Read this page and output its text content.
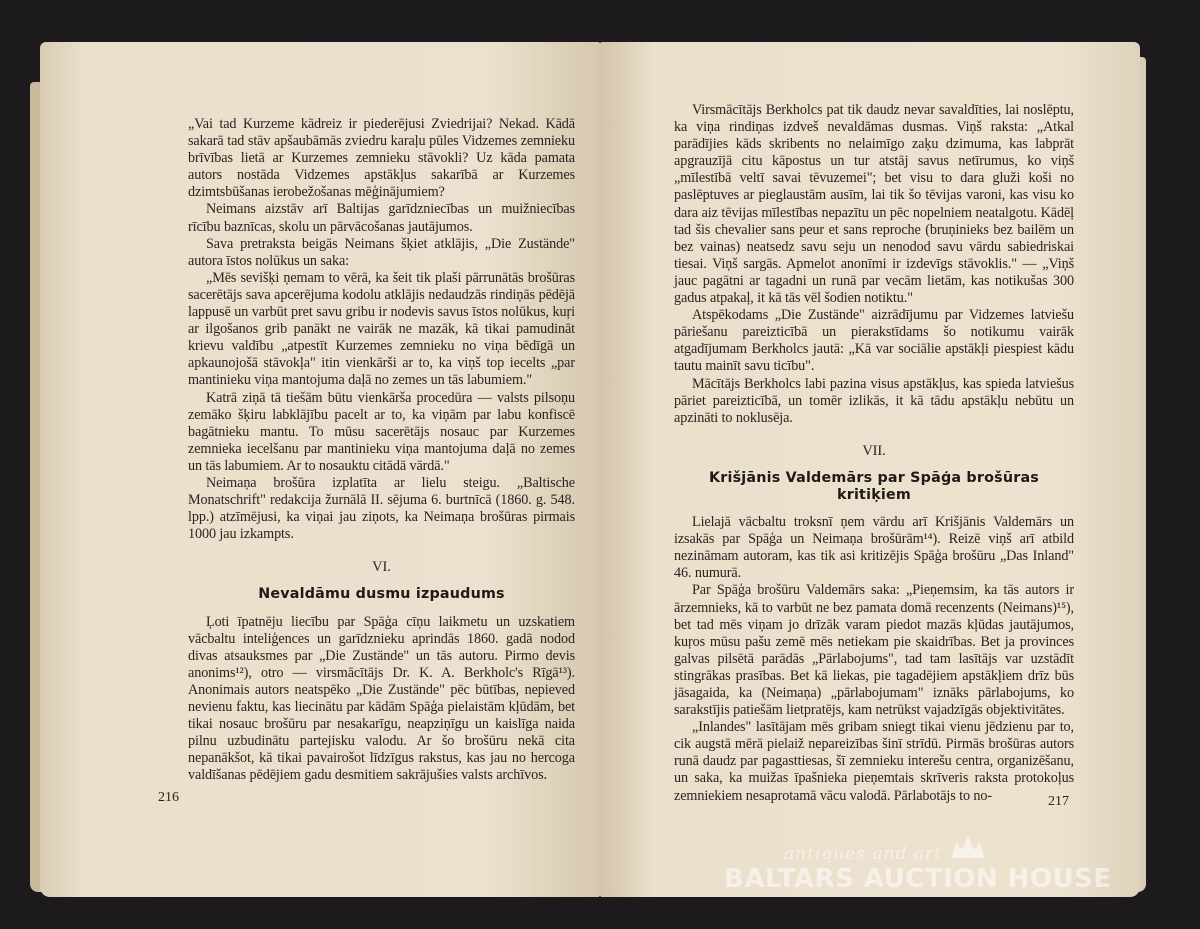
„Vai tad Kurzeme kādreiz ir piederējusi Zviedrijai? Nekad. Kādā sakarā tad stāv apšaubāmās zviedru karaļu pūles Vidzemes zemnieku brīvības lietā ar Kurzemes zemnieku stāvokli? Uz kāda pamata autors nostāda Vidzemes apstākļus sakarībā ar Kurzemes dzimtsbūšanas ierobežošanas mēģinājumiem?

Neimans aizstāv arī Baltijas garīdzniecības un muižniecības rīcību baznīcas, skolu un pārvācošanas jautājumos.

Sava pretraksta beigās Neimans šķiet atklājis, „Die Zustände" autora īstos nolūkus un saka:

„Mēs sevišķi ņemam to vērā, ka šeit tik plaši pārrunātās brošūras sacerētājs sava apcerējuma kodolu atklājis nedaudzās rindiņās pēdējā lappusē un varbūt pret savu gribu ir nodevis savus īstos nolūkus, kuŗi ar ilgošanos grib panākt ne vairāk ne mazāk, kā tikai pamudināt krievu valdību „atpestīt Kurzemes zemnieku no viņa bēdīgā un apkaunojošā stāvokļa" itin vienkārši ar to, ka viņš top iecelts „par mantinieku viņa mantojuma daļā no zemes un tās labumiem."

Katrā ziņā tā tiešām būtu vienkārša procedūra — valsts pilsoņu zemāko šķiru labklājību pacelt ar to, ka viņām par labu konfiscē bagātnieku mantu. To mūsu sacerētājs nosauc par Kurzemes zemnieka iecelšanu par mantinieku viņa mantojuma daļā no zemes un tās labumiem. Ar to nosauktu citādā vārdā."

Neimaņa brošūra izplatīta ar lielu steigu. „Baltische Monatschrift" redakcija žurnālā II. sējuma 6. burtnīcā (1860. g. 548. lpp.) atzīmējusi, ka viņai jau ziņots, ka Neimaņa brošūras pirmais 1000 jau izkampts.

VI.
Nevaldāmu dusmu izpaudums

Ļoti īpatnēju liecību par Spāģa cīņu laikmetu un uzskatiem vācbaltu inteliģences un garīdznieku aprindās 1860. gadā nodod divas atsauksmes par „Die Zustände" un tās autoru. Pirmo devis anonims¹²), otro — virsmācītājs Dr. K. A. Berkholc's Rīgā¹³). Anonimais autors neatspēko „Die Zustände" pēc būtības, nepieved nevienu faktu, kas liecinātu par kādām Spāģa pielaistām kļūdām, bet tikai nosauc brošūru par nesakarīgu, neapziņīgu un kaislīga naida pilnu uzbudinātu partejisku valodu. Ar šo brošūru nekā cita nepanākšot, kā tikai pavairošot līdzīgus rakstus, kas jau no hercoga valdīšanas pēdējiem gadu desmitiem sakrājušies valsts archīvos.

216

Virsmācītājs Berkholcs pat tik daudz nevar savaldīties, lai noslēptu, ka viņa rindiņas izdveš nevaldāmas dusmas. Viņš raksta: „Atkal parādījies kāds skribents no nelaimīgo zaķu dzimuma, kas labprāt apgrauzījā citu kāpostus un tur atstāj savus netīrumus, ko viņš „mīlestībā veltī savai tēvuzemei"; bet visu to dara gluži koši no paslēptuves ar pieglaustām ausīm, lai tik šo tēvijas varoni, kas visu ko dara aiz tēvijas mīlestības nepazītu un pēc nopelniem neatalgotu. Kādēļ tad šis chevalier sans peur et sans reproche (bruņinieks bez bailēm un bez vainas) neatsedz savu seju un nenodod savu vārdu sabiedriskai tiesai. Viņš sargās. Apmelot anonīmi ir izdevīgs stāvoklis." — „Viņš jauc pagātni ar tagadni un runā par vecām lietām, kas notikušas 300 gadus atpakaļ, it kā tās vēl šodien notiktu."

Atspēkodams „Die Zustände" aizrādījumu par Vidzemes latviešu pāriešanu pareizticībā un pierakstīdams šo notikumu vairāk atgadījumam Berkholcs jautā: „Kā var sociālie apstākļi piespiest kādu tautu mainīt savu ticību".

Mācītājs Berkholcs labi pazina visus apstākļus, kas spieda latviešus pāriet pareizticībā, un tomēr izlikās, it kā tādu apstākļu nebūtu un apzināti to noklusēja.

VII.
Krišjānis Valdemārs par Spāģa brošūras kritiķiem

Lielajā vācbaltu troksnī ņem vārdu arī Krišjānis Valdemārs un izsakās par Spāģa un Neimaņa brošūrām¹⁴). Reizē viņš arī atbild nezināmam autoram, kas tik asi kritizējis Spāģa brošūru „Das Inland" 46. numurā.

Par Spāģa brošūru Valdemārs saka: „Pieņemsim, ka tās autors ir ārzemnieks, kā to varbūt ne bez pamata domā recenzents (Neimans)¹⁵), bet tad mēs viņam jo drīzāk varam piedot mazās kļūdas jautājumos, kuŗos mūsu pašu zemē mēs netiekam pie skaidrības. Bet ja provinces galvas pilsētā parādās „Pārlabojums", tad tam lasītājs var uzstādīt stingrākas prasības. Bet kā liekas, pie tagadējiem apstākļiem drīz būs jāsagaida, ka (Neimaņa) „pārlabojumam" iznāks pārlabojums, ko sarakstījis patiešām lietpratējs, kam netrūkst vajadzīgās objektivitātes.

„Inlandes" lasītājam mēs gribam sniegt tikai vienu jēdzienu par to, cik augstā mērā pielaiž nepareizības šinī strīdū. Pirmās brošūras autors runā daudz par pagasttiesas, šī zemnieku interešu centra, organizēšanu, un saka, ka muižas īpašnieka pieņemtais skrīveris raksta protokoļus zemniekiem nesaprotamā vācu valodā. Pārlabotājs to no-	217
antiques and art
BALTARS AUCTION HOUSE
